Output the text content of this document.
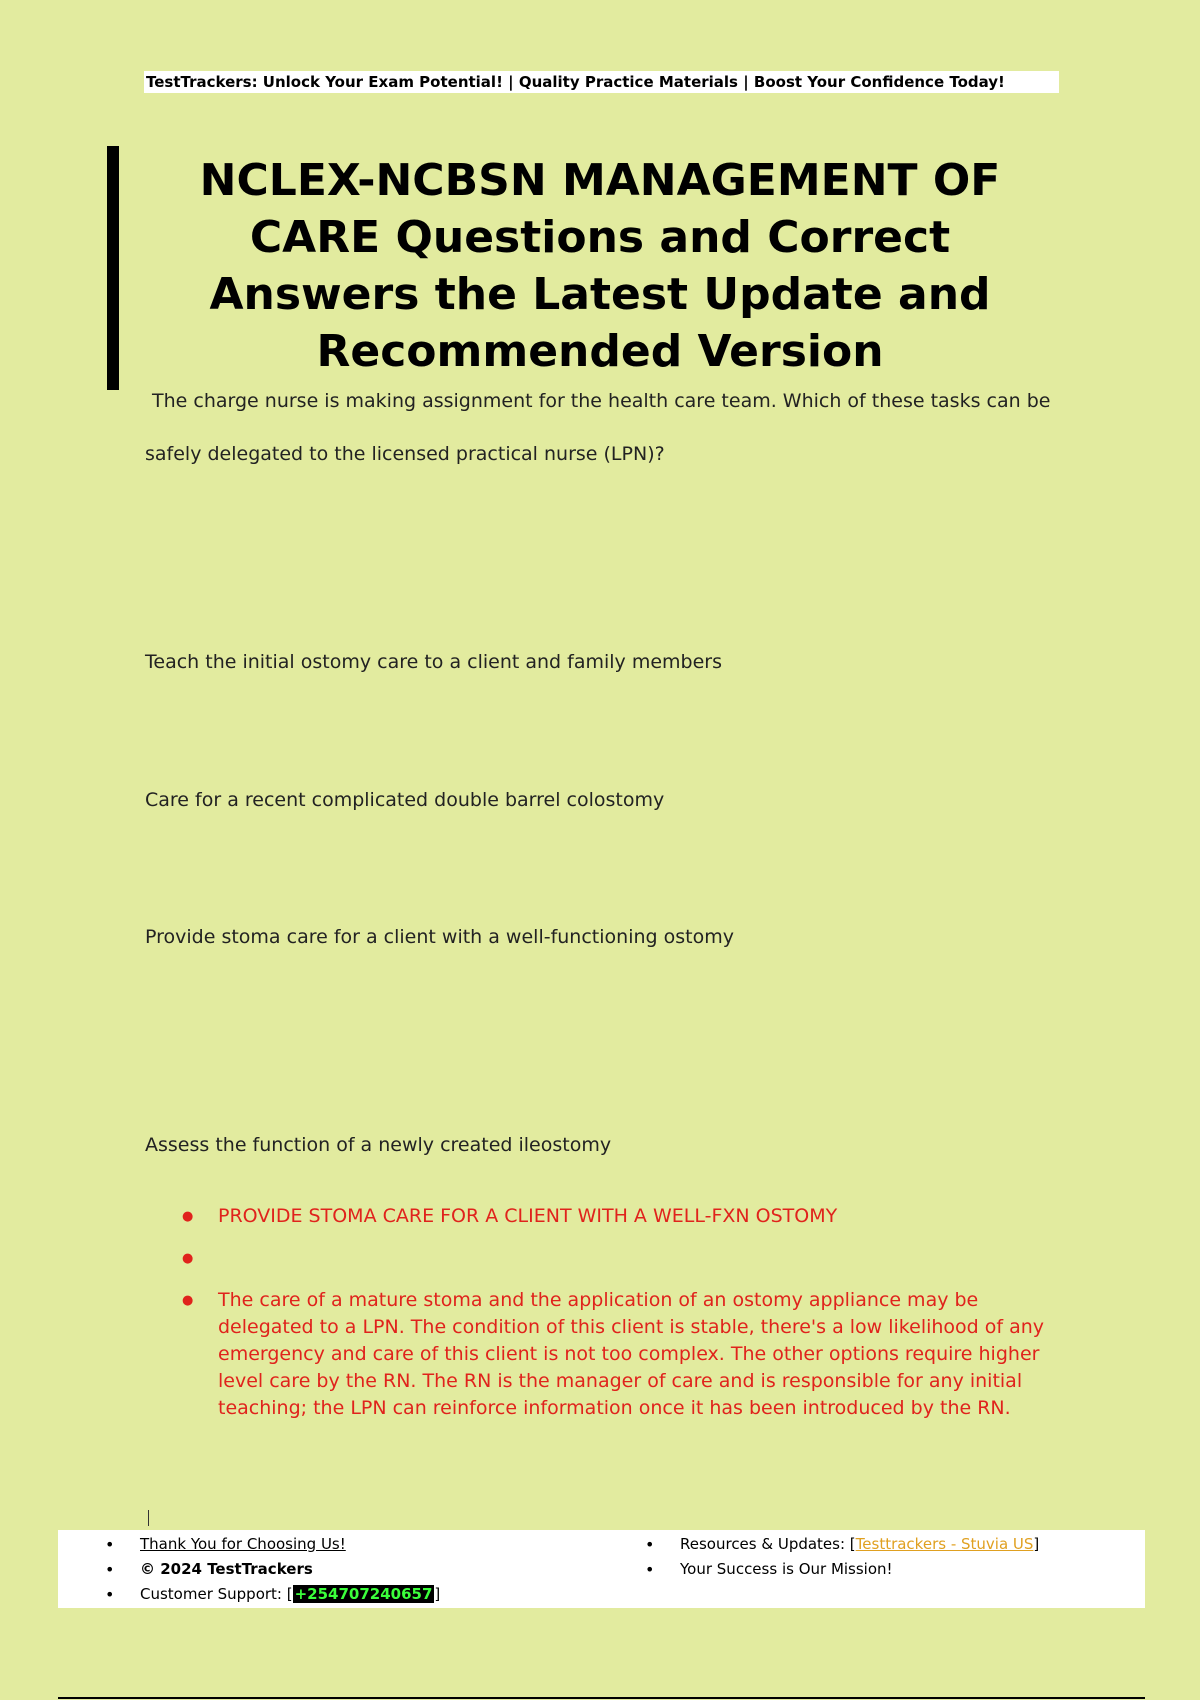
TestTrackers: Unlock Your Exam Potential! | Quality Practice Materials | Boost Your Confidence Today!
NCLEX-NCBSN MANAGEMENT OF CARE Questions and Correct Answers the Latest Update and Recommended Version
The charge nurse is making assignment for the health care team. Which of these tasks can be
safely delegated to the licensed practical nurse (LPN)?
Teach the initial ostomy care to a client and family members
Care for a recent complicated double barrel colostomy
Provide stoma care for a client with a well-functioning ostomy
Assess the function of a newly created ileostomy
● PROVIDE STOMA CARE FOR A CLIENT WITH A WELL-FXN OSTOMY
●
● The care of a mature stoma and the application of an ostomy appliance may be delegated to a LPN. The condition of this client is stable, there's a low likelihood of any emergency and care of this client is not too complex. The other options require higher level care by the RN. The RN is the manager of care and is responsible for any initial teaching; the LPN can reinforce information once it has been introduced by the RN.
• Thank You for Choosing Us!
• © 2024 TestTrackers
• Customer Support: [ +254707240657 ]
• Resources & Updates: [Testtrackers - Stuvia US]
• Your Success is Our Mission!
